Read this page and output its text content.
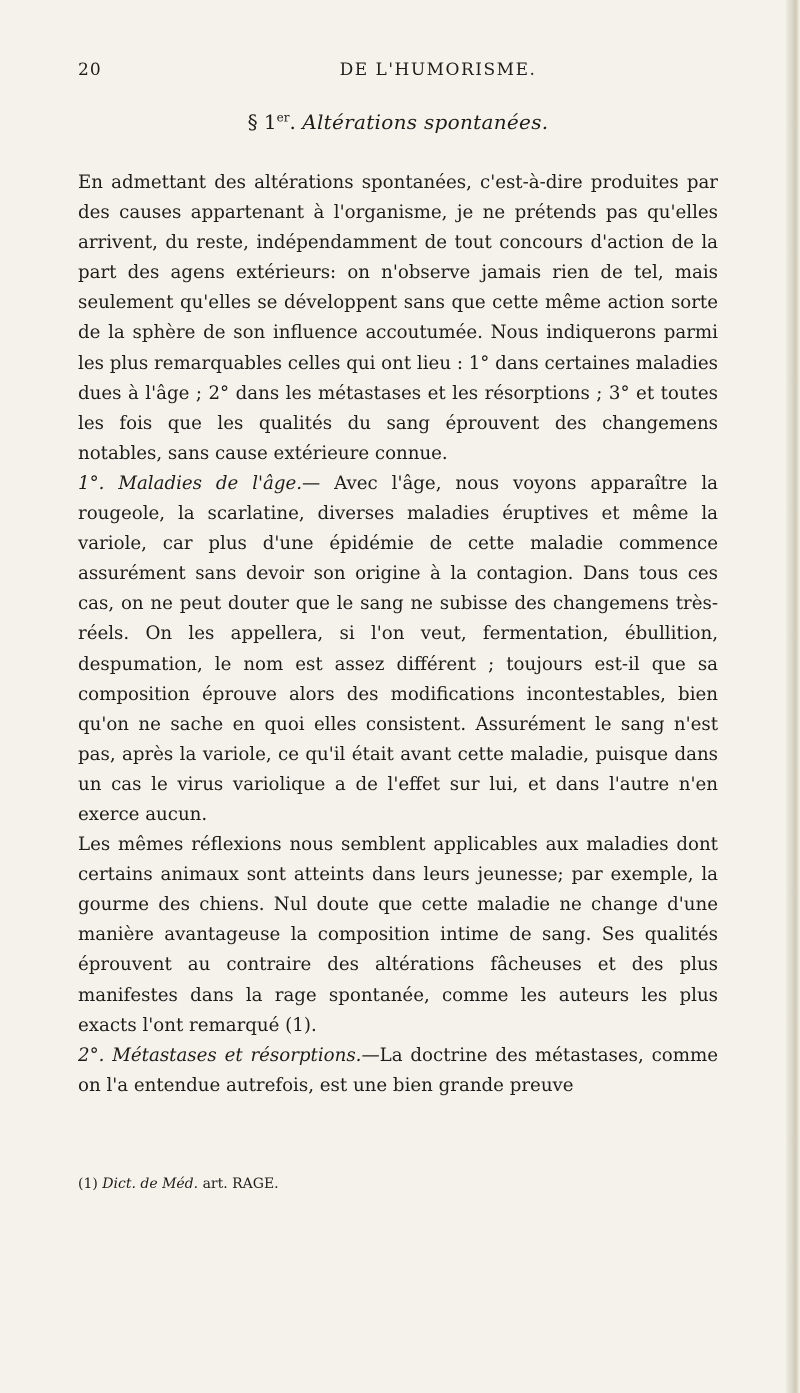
20	DE L'HUMORISME.
§ 1er. Altérations spontanées.

En admettant des altérations spontanées, c'est-à-dire produites par des causes appartenant à l'organisme, je ne prétends pas qu'elles arrivent, du reste, indépendamment de tout concours d'action de la part des agens extérieurs: on n'observe jamais rien de tel, mais seulement qu'elles se développent sans que cette même action sorte de la sphère de son influence accoutumée. Nous indiquerons parmi les plus remarquables celles qui ont lieu : 1° dans certaines maladies dues à l'âge ; 2° dans les métastases et les résorptions ; 3° et toutes les fois que les qualités du sang éprouvent des changemens notables, sans cause extérieure connue.

1°. Maladies de l'âge.— Avec l'âge, nous voyons apparaître la rougeole, la scarlatine, diverses maladies éruptives et même la variole, car plus d'une épidémie de cette maladie commence assurément sans devoir son origine à la contagion. Dans tous ces cas, on ne peut douter que le sang ne subisse des changemens très-réels. On les appellera, si l'on veut, fermentation, ébullition, despumation, le nom est assez différent ; toujours est-il que sa composition éprouve alors des modifications incontestables, bien qu'on ne sache en quoi elles consistent. Assurément le sang n'est pas, après la variole, ce qu'il était avant cette maladie, puisque dans un cas le virus variolique a de l'effet sur lui, et dans l'autre n'en exerce aucun.

Les mêmes réflexions nous semblent applicables aux maladies dont certains animaux sont atteints dans leurs jeunesse; par exemple, la gourme des chiens. Nul doute que cette maladie ne change d'une manière avantageuse la composition intime de sang. Ses qualités éprouvent au contraire des altérations fâcheuses et des plus manifestes dans la rage spontanée, comme les auteurs les plus exacts l'ont remarqué (1).

2°. Métastases et résorptions.—La doctrine des métastases, comme on l'a entendue autrefois, est une bien grande preuve

(1) Dict. de Méd. art. RAGE.
